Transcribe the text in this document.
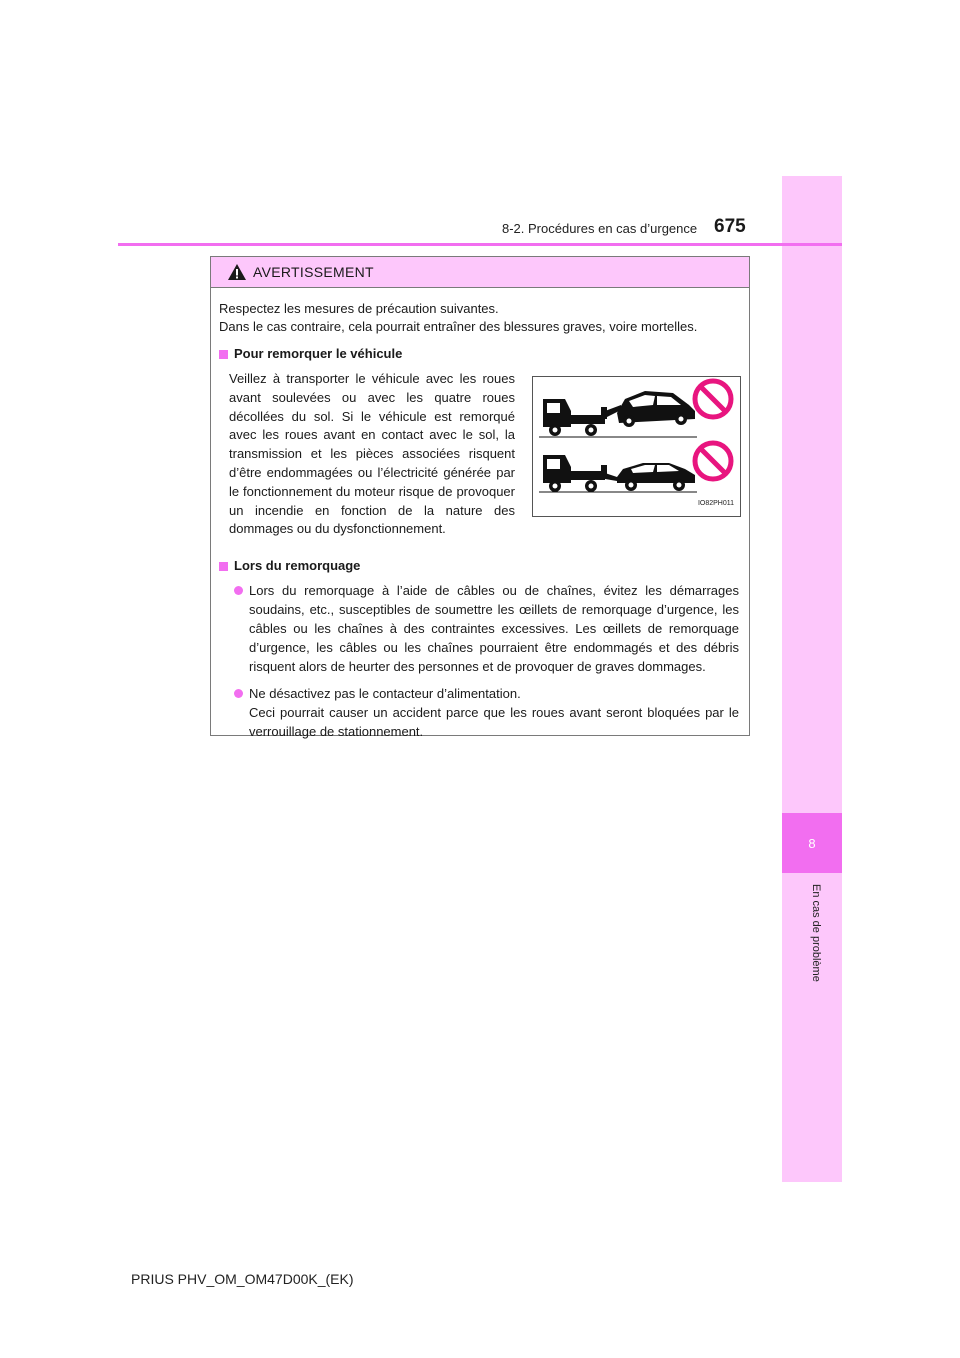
8
En cas de problème
8-2. Procédures en cas d’urgence 675
AVERTISSEMENT
Respectez les mesures de précaution suivantes.
Dans le cas contraire, cela pourrait entraîner des blessures graves, voire mortelles.
Pour remorquer le véhicule
Veillez à transporter le véhicule avec les roues avant soulevées ou avec les quatre roues décollées du sol. Si le véhicule est remorqué avec les roues avant en contact avec le sol, la transmission et les pièces associées risquent d’être endommagées ou l’électricité générée par le fonctionnement du moteur risque de provoquer un incendie en fonction de la nature des dommages ou du dysfonctionnement.
IO82PH011
Lors du remorquage
Lors du remorquage à l’aide de câbles ou de chaînes, évitez les démarrages soudains, etc., susceptibles de soumettre les œillets de remorquage d’urgence, les câbles ou les chaînes à des contraintes excessives. Les œillets de remorquage d’urgence, les câbles ou les chaînes pourraient être endommagés et des débris risquent alors de heurter des personnes et de provoquer de graves dommages.
Ne désactivez pas le contacteur d’alimentation.
Ceci pourrait causer un accident parce que les roues avant seront bloquées par le verrouillage de stationnement.
PRIUS PHV_OM_OM47D00K_(EK)
